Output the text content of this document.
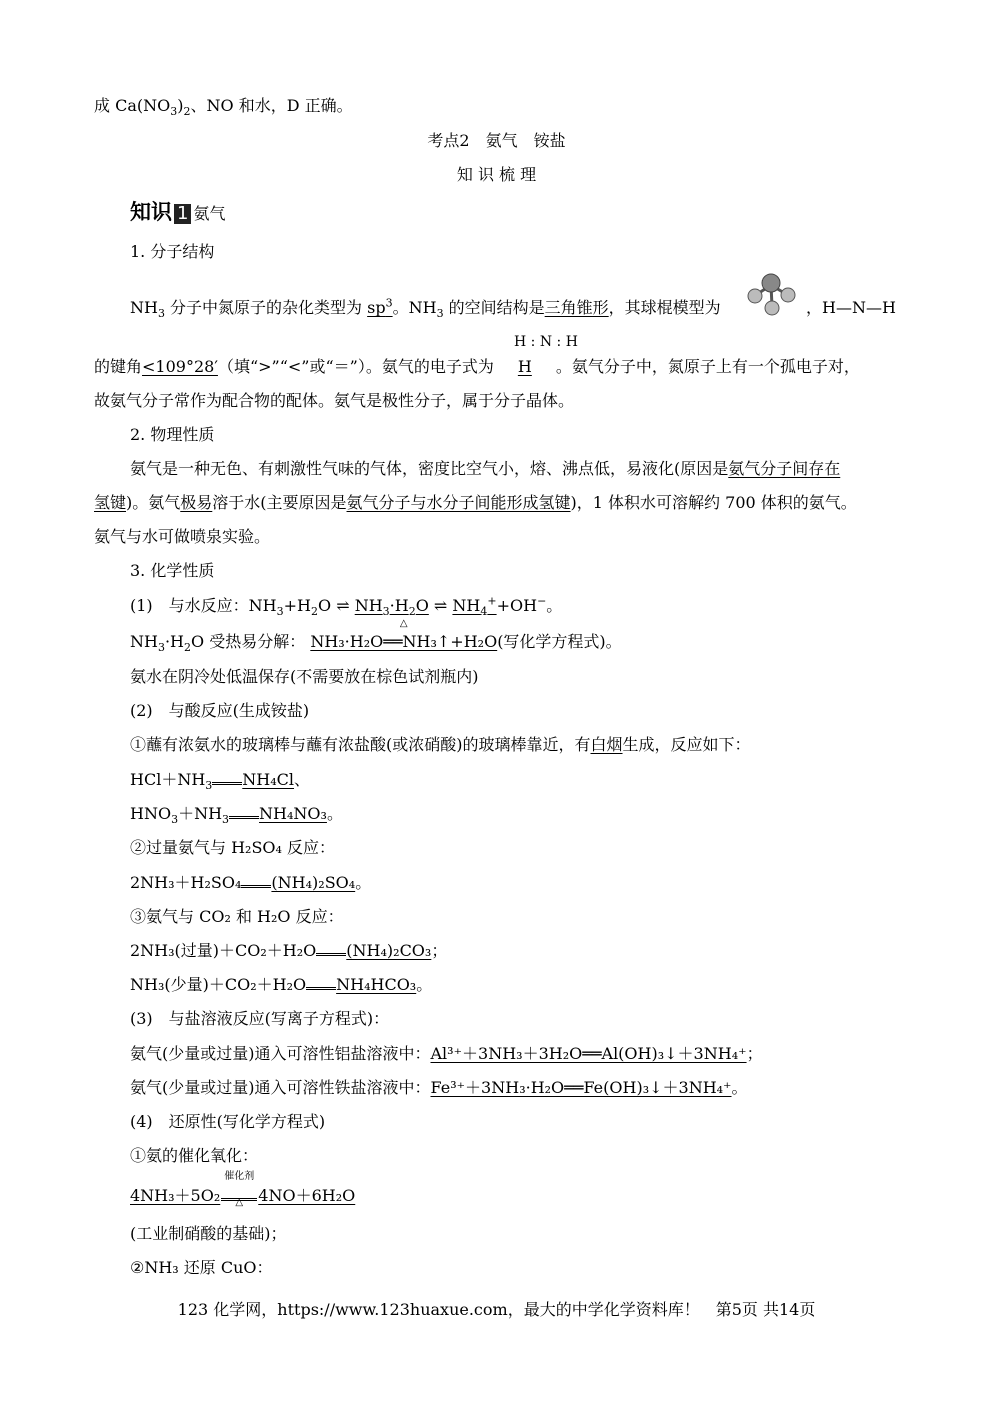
成 $Ca(NO_3)_2$、NO 和水，D 正确。
考点2　氨气　铵盐
知 识 梳 理
知识 1 氨气
1. 分子结构
$NH_3$ 分子中氮原子的杂化类型为 $sp^3$。$NH_3$ 的空间结构是三角锥形，其球棍模型为	，H—N—H
H : N : H
的键角<109°28′（填“>”“<”或“＝”）。氨气的电子式为 H 。氨气分子中，氮原子上有一个孤电子对，
故氨气分子常作为配合物的配体。氨气是极性分子，属于分子晶体。
2. 物理性质
氨气是一种无色、有刺激性气味的气体，密度比空气小，熔、沸点低，易液化(原因是氨气分子间存在
氢键)。氨气极易溶于水(主要原因是氨气分子与水分子间能形成氢键)，1 体积水可溶解约 700 体积的氨气。
氨气与水可做喷泉实验。
3. 化学性质
(1)　与水反应：$NH_3+H_2O$ ⇌ $NH_3\cdot H_2O$ ⇌ $NH_4^++OH^-$。
$NH_3\cdot H_2O$ 受热易分解：
△
NH₃·H₂O══NH₃↑+H₂O(写化学方程式)。
氨水在阴冷处低温保存(不需要放在棕色试剂瓶内)
(2)　与酸反应(生成铵盐)
①蘸有浓氨水的玻璃棒与蘸有浓盐酸(或浓硝酸)的玻璃棒靠近，有白烟生成，反应如下：
$HCl+NH_3$ NH₄Cl、
$HNO_3+NH_3$ NH₄NO₃。
②过量氨气与 H₂SO₄ 反应：
2NH₃＋H₂SO₄ (NH₄)₂SO₄。
③氨气与 CO₂ 和 H₂O 反应：
2NH₃(过量)＋CO₂＋H₂O (NH₄)₂CO₃；
NH₃(少量)＋CO₂＋H₂O NH₄HCO₃。
(3)　与盐溶液反应(写离子方程式)：
氨气(少量或过量)通入可溶性铝盐溶液中：Al³⁺＋3NH₃＋3H₂O══Al(OH)₃↓＋3NH₄⁺；
氨气(少量或过量)通入可溶性铁盐溶液中：Fe³⁺＋3NH₃·H₂O══Fe(OH)₃↓＋3NH₄⁺。
(4)　还原性(写化学方程式)
①氨的催化氧化：
4NH₃＋5O₂
催化剂
△ 4NO＋6H₂O
(工业制硝酸的基础)；
②NH₃ 还原 CuO：
123 化学网，https://www.123huaxue.com，最大的中学化学资料库！　第5页 共14页
